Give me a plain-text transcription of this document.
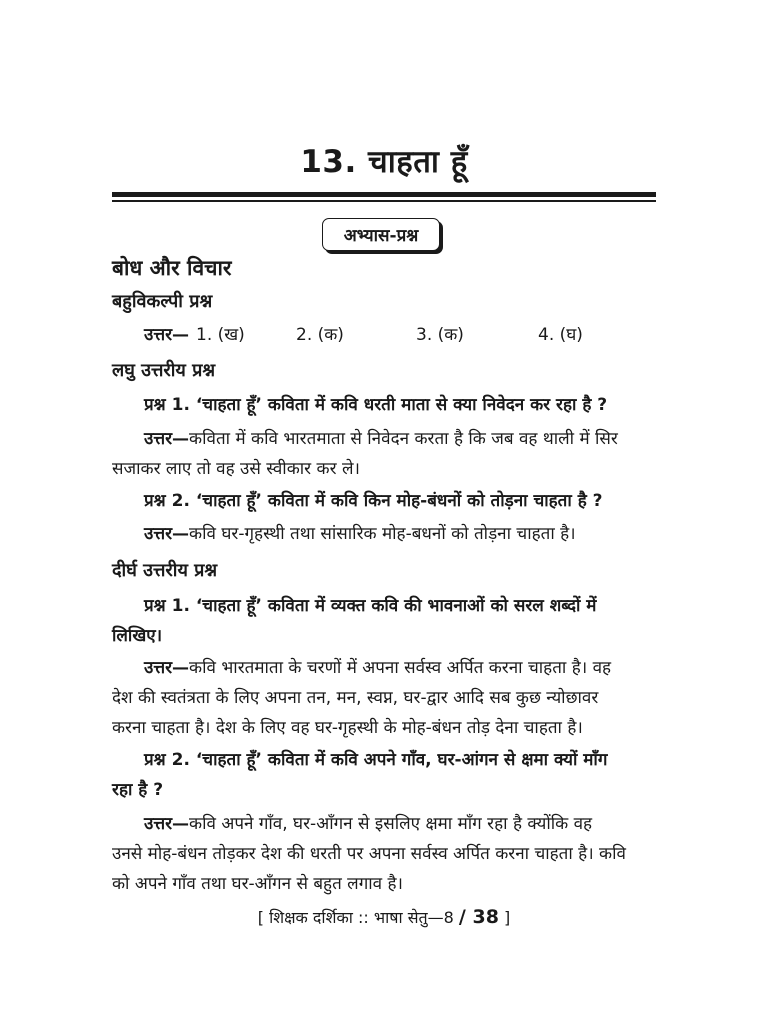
13. चाहता हूँ
अभ्यास-प्रश्न
बोध और विचार
बहुविकल्पी प्रश्न
उत्तर— 1. (ख)	2. (क)	3. (क)	4. (घ)
लघु उत्तरीय प्रश्न
प्रश्न 1. ‘चाहता हूँ’ कविता में कवि धरती माता से क्या निवेदन कर रहा है ?
उत्तर—कविता में कवि भारतमाता से निवेदन करता है कि जब वह थाली में सिर
सजाकर लाए तो वह उसे स्वीकार कर ले।
प्रश्न 2. ‘चाहता हूँ’ कविता में कवि किन मोह-बंधनों को तोड़ना चाहता है ?
उत्तर—कवि घर-गृहस्थी तथा सांसारिक मोह-बधनों को तोड़ना चाहता है।
दीर्घ उत्तरीय प्रश्न
प्रश्न 1. ‘चाहता हूँ’ कविता में व्यक्त कवि की भावनाओं को सरल शब्दों में
लिखिए।
उत्तर—कवि भारतमाता के चरणों में अपना सर्वस्व अर्पित करना चाहता है। वह
देश की स्वतंत्रता के लिए अपना तन, मन, स्वप्न, घर-द्वार आदि सब कुछ न्योछावर
करना चाहता है। देश के लिए वह घर-गृहस्थी के मोह-बंधन तोड़ देना चाहता है।
प्रश्न 2. ‘चाहता हूँ’ कविता में कवि अपने गाँव, घर-आंगन से क्षमा क्यों माँग
रहा है ?
उत्तर—कवि अपने गाँव, घर-आँगन से इसलिए क्षमा माँग रहा है क्योंकि वह
उनसे मोह-बंधन तोड़कर देश की धरती पर अपना सर्वस्व अर्पित करना चाहता है। कवि
को अपने गाँव तथा घर-आँगन से बहुत लगाव है।
[ शिक्षक दर्शिका :: भाषा सेतु—8 / 38 ]
